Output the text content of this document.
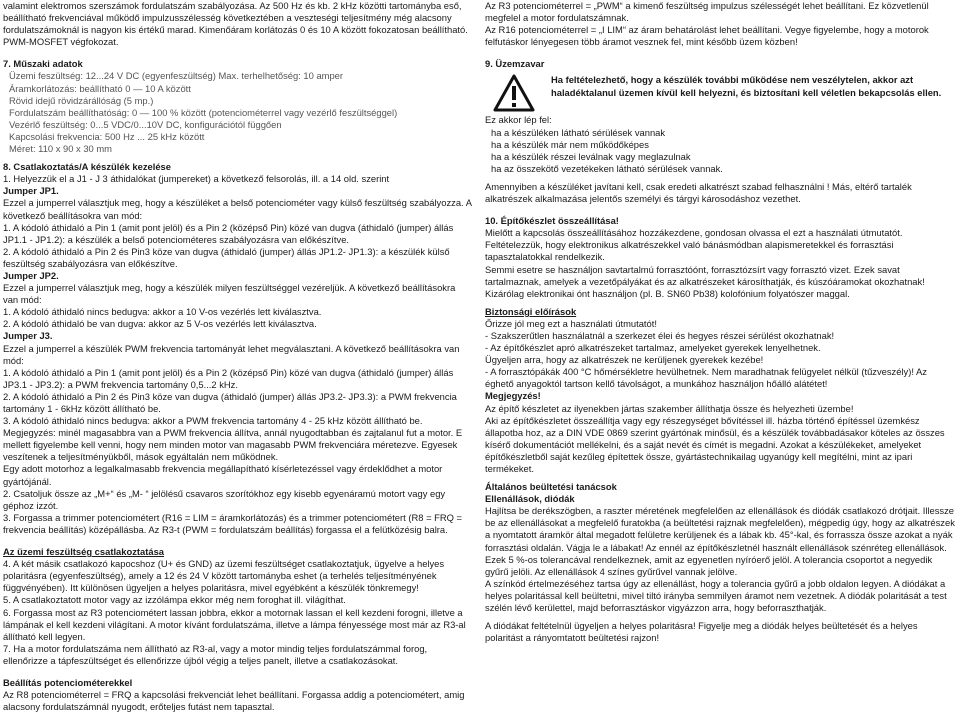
valamint elektromos szerszámok fordulatszám szabályozása. Az 500 Hz és kb. 2 kHz közötti tartományba eső, beállítható frekvenciával működő impulzusszélesség következtében a veszteségi teljesítmény még alacsony fordulatszámoknál is nagyon kis értékű marad. Kimenőáram korlátozás 0 és 10 A között fokozatosan beállítható. PWM-MOSFET végfokozat.

7. Műszaki adatok

Üzemi feszültség: 12...24 V DC (egyenfeszültség) Max. terhelhetőség: 10 amper
Áramkorlátozás: beállítható 0 — 10 A között
Rövid idejű rövidzárállóság (5 mp.)
Fordulatszám beállíthatóság: 0 — 100 % között (potenciométerrel vagy vezérlő feszültséggel)
Vezérlő feszültség: 0...5 VDC/0...10V DC, konfigurációtól függően
Kapcsolási frekvencia: 500 Hz ... 25 kHz között
Méret: 110 x 90 x 30 mm

8. Csatlakoztatás/A készülék kezelése

1. Helyezzük el a J1 - J 3 áthidalókat (jumpereket) a következő felsorolás, ill. a 14 old. szerint

Jumper JP1.

Ezzel a jumperrel választjuk meg, hogy a készüléket a belső potenciométer vagy külső feszültség szabályozza. A következő beállításokra van mód:
1. A kódoló áthidaló a Pin 1 (amit pont jelöl) és a Pin 2 (középső Pin) közé van dugva (áthidaló (jumper) állás JP1.1 - JP1.2): a készülék a belső potenciométeres szabályozásra van előkészítve.
2. A kódoló áthidaló a Pin 2 és Pin3 köze van dugva (áthidaló (jumper) állás JP1.2- JP1.3): a készülék külső feszültség szabályozásra van előkészítve.

Jumper JP2.

Ezzel a jumperrel választjuk meg, hogy a készülék milyen feszültséggel vezéreljük. A következő beállításokra van mód:
1. A kódoló áthidaló nincs bedugva: akkor a 10 V-os vezérlés lett kiválasztva.
2. A kódoló áthidaló be van dugva: akkor az 5 V-os vezérlés lett kiválasztva.

Jumper J3.

Ezzel a jumperrel a készülék PWM frekvencia tartományát lehet megválasztani. A következő beállításokra van mód:
1. A kódoló áthidaló a Pin 1 (amit pont jelöl) és a Pin 2 (középső Pin) közé van dugva (áthidaló (jumper) állás JP3.1 - JP3.2): a PWM frekvencia tartomány 0,5...2 kHz.
2. A kódoló áthidaló a Pin 2 és Pin3 köze van dugva (áthidaló (jumper) állás JP3.2- JP3.3): a PWM frekvencia tartomány 1 - 6kHz között állítható be.
3. A kódoló áthidaló nincs bedugva: akkor a PWM frekvencia tartomány 4 - 25 kHz között állítható be.

Megjegyzés: minél magasabbra van a PWM frekvencia állítva, annál nyugodtabban és zajtalanul fut a motor. E mellett figyelembe kell venni, hogy nem minden motor van magasabb PWM frekvenciára méretezve. Egyesek veszítenek a teljesítményükből, mások egyáltalán nem működnek.
Egy adott motorhoz a legalkalmasabb frekvencia megállapítható kísérletezéssel vagy érdeklődhet a motor gyártójánál.
2. Csatoljuk össze az „M+“ és „M- “ jelölésű csavaros szorítókhoz egy kisebb egyenáramú motort vagy egy géphoz izzót.
3. Forgassa a trimmer potenciométert (R16 = LIM = áramkorlátozás) és a trimmer potenciométert (R8 = FRQ = frekvencia beállítás) középállásba. Az R3-t (PWM = fordulatszám beállítás) forgassa el a felütközésig balra.

Az üzemi feszültség csatlakoztatása

4. A két másik csatlakozó kapocshoz (U+ és GND) az üzemi feszültséget csatlakoztatjuk, ügyelve a helyes polaritásra (egyenfeszültség), amely a 12 és 24 V között tartományba eshet (a terhelés teljesítményének függvényében). Itt különösen ügyeljen a helyes polaritásra, mivel egyébként a készülék tönkremegy!
5. A csatlakoztatott motor vagy az izzólámpa ekkor még nem foroghat ill. világíthat.
6. Forgassa most az R3 potenciométert lassan jobbra, ekkor a motornak lassan el kell kezdeni forogni, illetve a lámpának el kell kezdeni világítani. A motor kívánt fordulatszáma, illetve a lámpa fényessége most már az R3-al állítható kell legyen.
7. Ha a motor fordulatszáma nem állítható az R3-al, vagy a motor mindig teljes fordulatszámmal forog, ellenőrizze a tápfeszültséget és ellenőrizze újból végig a teljes panelt, illetve a csatlakozásokat.

Beállítás potenciométerekkel

Az R8 potenciométerrel = FRQ a kapcsolási frekvenciát lehet beállítani. Forgassa addig a potenciométert, amig alacsony fordulatszámnál nyugodt, erőteljes futást nem tapasztal.

Az R3 potenciométerrel = „PWM“ a kimenő feszültség impulzus szélességét lehet beállítani. Ez közvetlenül megfelel a motor fordulatszámnak.

Az R16 potenciométerrel = „I LIM“ az áram behatárolást lehet beállítani. Vegye figyelembe, hogy a motorok felfutáskor lényegesen több áramot vesznek fel, mint később üzem közben!

9. Üzemzavar

Ha feltételezhető, hogy a készülék további működése nem veszélytelen, akkor azt haladéktalanul üzemen kívül kell helyezni, és biztosítani kell véletlen bekapcsolás ellen.

Ez akkor lép fel:

ha a készüléken látható sérülések vannak
ha a készülék már nem működőképes
ha a készülék részei leválnak vagy meglazulnak
ha az összekötő vezetékeken látható sérülések vannak.

Amennyiben a készüléket javítani kell, csak eredeti alkatrészt szabad felhasználni ! Más, eltérő tartalék alkatrészek alkalmazása jelentős személyi és tárgyi károsodáshoz vezethet.

10. Építőkészlet összeállítása!

Mielőtt a kapcsolás összeállításához hozzákezdene, gondosan olvassa el ezt a használati útmutatót. Feltételezzük, hogy elektronikus alkatrészekkel való bánásmódban alapismeretekkel és forrasztási tapasztalatokkal rendelkezik.
Semmi esetre se használjon savtartalmú forrasztóónt, forrasztózsírt vagy forrasztó vizet. Ezek savat tartalmaznak, amelyek a vezetőpályákat és az alkatrészeket károsíthatják, és kúszóáramokat okozhatnak! Kizárólag elektronikai ónt használjon (pl. B. SN60 Pb38) kolofónium folyatószer maggal.

Biztonsági előírások

Őrizze jól meg ezt a használati útmutatót!
- Szakszerűtlen használatnál a szerkezet élei és hegyes részei sérülést okozhatnak!
- Az építőkészlet apró alkatrészeket tartalmaz, amelyeket gyerekek lenyelhetnek.
Ügyeljen arra, hogy az alkatrészek ne kerüljenek gyerekek kezébe!
- A forrasztópákák 400 °C hőmérsékletre hevülhetnek. Nem maradhatnak felügyelet nélkül (tűzveszély)! Az éghető anyagoktól tartson kellő távolságot, a munkához használjon hőálló alátétet!

Megjegyzés!

Az építő készletet az ilyenekben jártas szakember állíthatja össze és helyezheti üzembe!
Aki az építőkészletet összeállítja vagy egy részegységet bővítéssel ill. házba történő építéssel üzemkész állapotba hoz, az a DIN VDE 0869 szerint gyártónak minősül, és a készülék továbbadásakor köteles az összes kísérő dokumentációt mellékelni, és a saját nevét és címét is megadni. Azokat a készülékeket, amelyeket építőkészletből saját kezűleg építettek össze, gyártástechnikailag ugyanúgy kell megítélni, mint az ipari termékeket.

Általános beültetési tanácsok

Ellenállások, diódák

Hajlítsa be derékszögben, a raszter méretének megfelelően az ellenállások és diódák csatlakozó drótjait. Illessze be az ellenállásokat a megfelelő furatokba (a beültetési rajznak megfelelően), mégpedig úgy, hogy az alkatrészek a nyomtatott áramkör által megadott felületre kerüljenek és a lábak kb. 45°-kal, és forrassza össze azokat a nyák forrasztási oldalán. Vágja le a lábakat! Az ennél az építőkészletnél használt ellenállások szénréteg ellenállások. Ezek 5 %-os tolerancával rendelkeznek, amit az egyenetlen nyíróerő jelöl. A tolerancia csoportot a negyedik gyűrű jelöli. Az ellenállások 4 színes gyűrűvel vannak jelölve.
A színkód értelmezéséhez tartsa úgy az ellenállást, hogy a tolerancia gyűrű a jobb oldalon legyen. A diódákat a helyes polaritással kell beültetni, mivel tiltó irányba semmilyen áramot nem vezetnek. A diódák polaritását a test szélén lévő kerülettel, majd beforrasztáskor vigyázzon arra, hogy beforraszthatják.

A diódákat feltételnül ügyeljen a helyes polaritásra! Figyelje meg a diódák helyes beültetését és a helyes polaritást a rányomtatott beültetési rajzon!
